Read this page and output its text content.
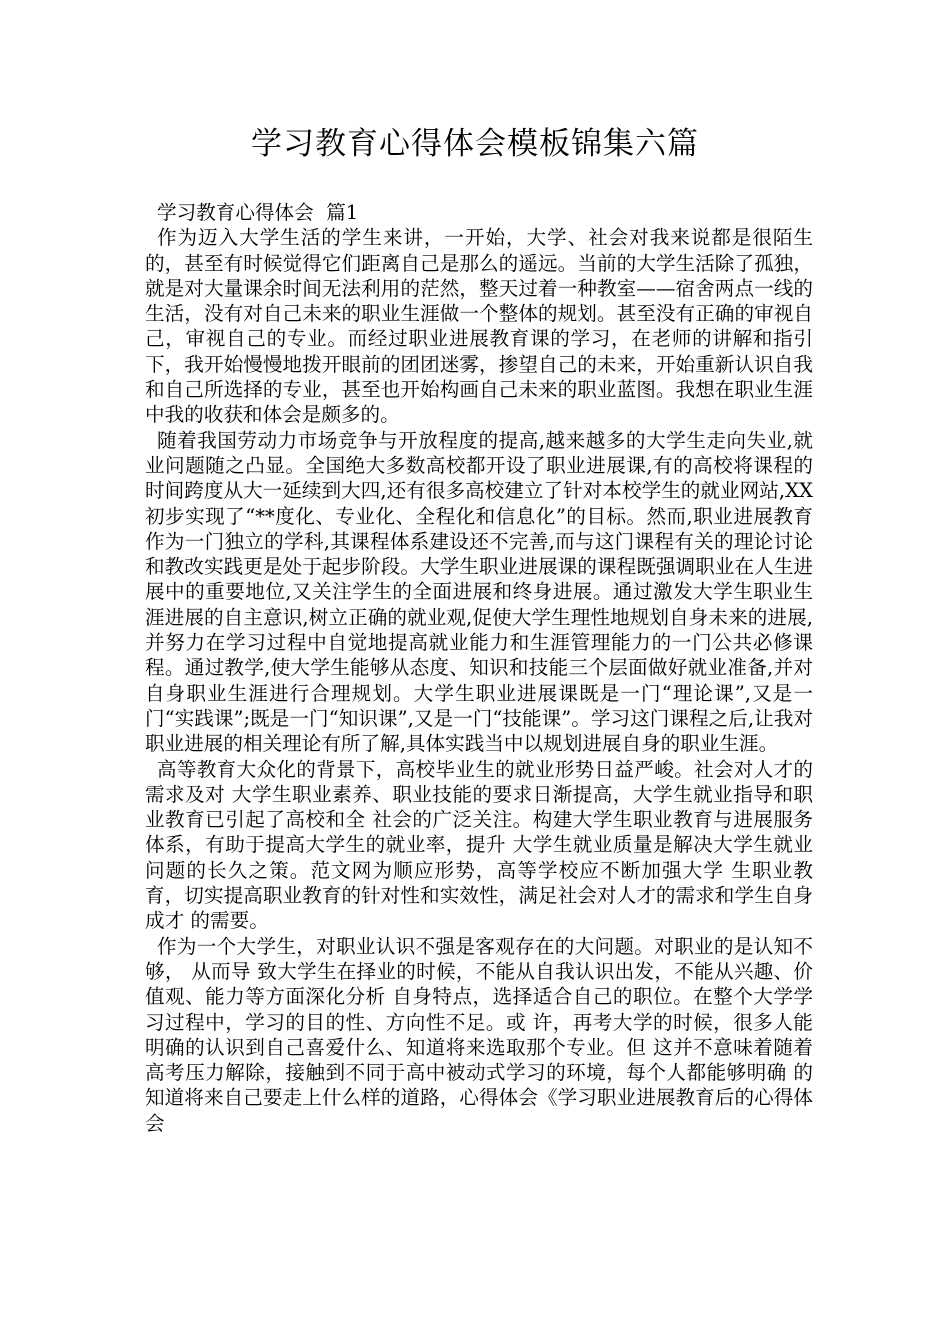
学习教育心得体会模板锦集六篇

学习教育心得体会  篇1

作为迈入大学生活的学生来讲，一开始，大学、社会对我来说都是很陌生的，甚至有时候觉得它们距离自己是那么的遥远。当前的大学生活除了孤独，就是对大量课余时间无法利用的茫然，整天过着一种教室——宿舍两点一线的生活，没有对自己未来的职业生涯做一个整体的规划。甚至没有正确的审视自己，审视自己的专业。而经过职业进展教育课的学习，在老师的讲解和指引下，我开始慢慢地拨开眼前的团团迷雾，掺望自己的未来，开始重新认识自我和自己所选择的专业，甚至也开始构画自己未来的职业蓝图。我想在职业生涯中我的收获和体会是颇多的。

随着我国劳动力市场竞争与开放程度的提高,越来越多的大学生走向失业,就业问题随之凸显。全国绝大多数高校都开设了职业进展课,有的高校将课程的时间跨度从大一延续到大四,还有很多高校建立了针对本校学生的就业网站,XX初步实现了“**度化、专业化、全程化和信息化”的目标。然而,职业进展教育作为一门独立的学科,其课程体系建设还不完善,而与这门课程有关的理论讨论和教改实践更是处于起步阶段。大学生职业进展课的课程既强调职业在人生进展中的重要地位,又关注学生的全面进展和终身进展。通过激发大学生职业生涯进展的自主意识,树立正确的就业观,促使大学生理性地规划自身未来的进展,并努力在学习过程中自觉地提高就业能力和生涯管理能力的一门公共必修课程。通过教学,使大学生能够从态度、知识和技能三个层面做好就业准备,并对自身职业生涯进行合理规划。大学生职业进展课既是一门“理论课”,又是一门“实践课”;既是一门“知识课”,又是一门“技能课”。学习这门课程之后,让我对职业进展的相关理论有所了解,具体实践当中以规划进展自身的职业生涯。

高等教育大众化的背景下，高校毕业生的就业形势日益严峻。社会对人才的需求及对 大学生职业素养、职业技能的要求日渐提高，大学生就业指导和职业教育已引起了高校和全 社会的广泛关注。构建大学生职业教育与进展服务体系，有助于提高大学生的就业率，提升 大学生就业质量是解决大学生就业问题的长久之策。范文网为顺应形势，高等学校应不断加强大学 生职业教育，切实提高职业教育的针对性和实效性，满足社会对人才的需求和学生自身成才 的需要。

作为一个大学生，对职业认识不强是客观存在的大问题。对职业的是认知不够， 从而导 致大学生在择业的时候，不能从自我认识出发，不能从兴趣、价值观、能力等方面深化分析 自身特点，选择适合自己的职位。在整个大学学习过程中，学习的目的性、方向性不足。或 许，再考大学的时候，很多人能明确的认识到自己喜爱什么、知道将来选取那个专业。但 这并不意味着随着高考压力解除，接触到不同于高中被动式学习的环境，每个人都能够明确 的知道将来自己要走上什么样的道路，心得体会《学习职业进展教育后的心得体会
